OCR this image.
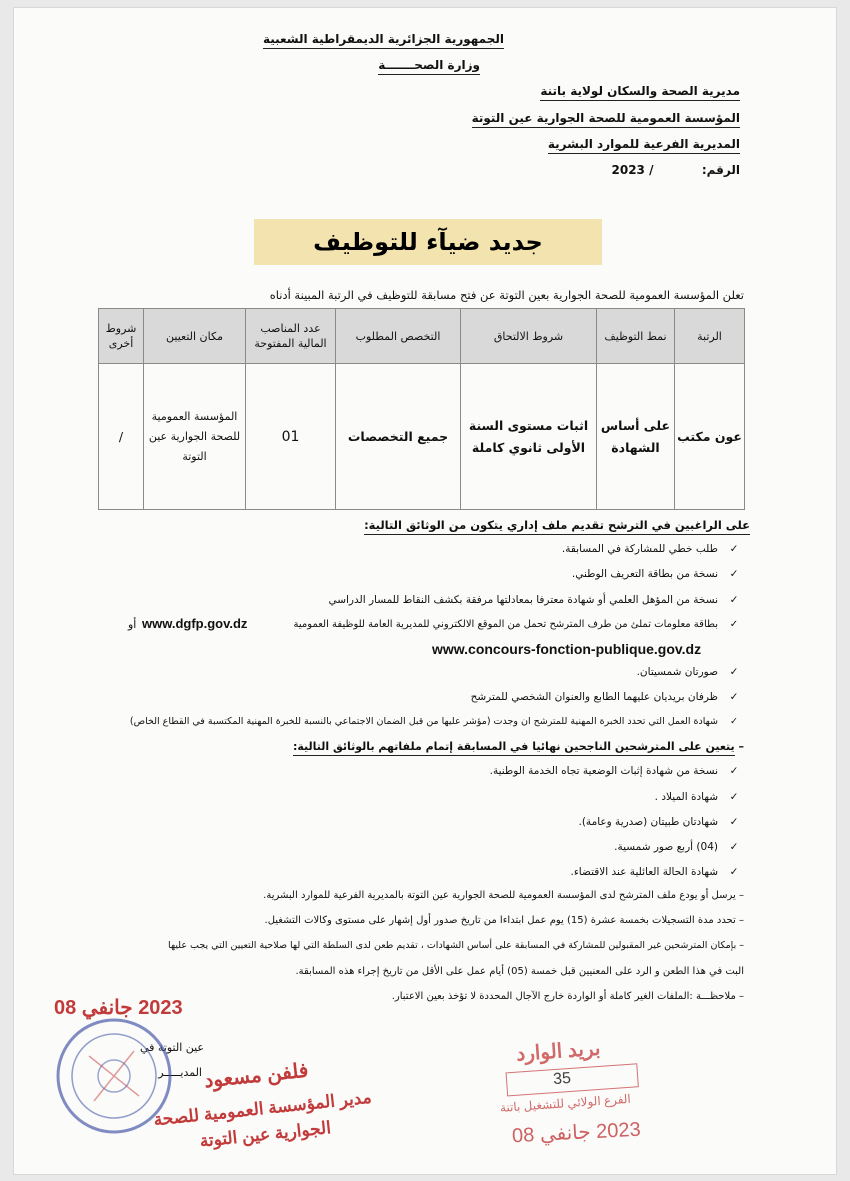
الجمهورية الجزائرية الديمقراطية الشعبية
وزارة الصحـــــــة
مديرية الصحة والسكان لولاية باتنة
المؤسسة العمومية للصحة الجوارية عين التوتة
المديرية الفرعية للموارد البشرية
الرقم:  / 2023
جديد ضيآء للتوظيف
تعلن المؤسسة العمومية للصحة الجوارية بعين التوتة عن فتح مسابقة للتوظيف في الرتبة المبينة أدناه
الرتبة	نمط التوظيف	شروط الالتحاق	التخصص المطلوب	عدد المناصب المالية المفتوحة	مكان التعيين	شروط أخرى
عون مكتب	على أساس الشهادة	اثبات مستوى السنة الأولى ثانوي كاملة	جميع التخصصات	01	المؤسسة العمومية للصحة الجوارية عين التوتة	/
على الراغبين في الترشح تقديم ملف إداري يتكون من الوثائق التالية:
✓طلب خطي للمشاركة في المسابقة.
✓نسخة من بطاقة التعريف الوطني.
✓نسخة من المؤهل العلمي أو شهادة معترفا بمعادلتها مرفقة بكشف النقاط للمسار الدراسي
✓بطاقة معلومات تملئ من طرف المترشح تحمل من الموقع الالكتروني للمديرية العامة للوظيفة العمومية
www.dgfp.gov.dz
أو
www.concours-fonction-publique.gov.dz
✓صورتان شمسيتان.
✓ظرفان بريديان عليهما الطابع والعنوان الشخصي للمترشح
✓شهادة العمل التي تحدد الخبرة المهنية للمترشح ان وجدت (مؤشر عليها من قبل الضمان الاجتماعي بالنسبة للخبرة المهنية المكتسبة في القطاع الخاص)
– يتعين على المترشحين الناجحين نهائيا في المسابقة إتمام ملفاتهم بالوثائق التالية:
✓نسخة من شهادة إثبات الوضعية تجاه الخدمة الوطنية.
✓شهادة الميلاد .
✓شهادتان طبيتان (صدرية وعامة).
✓(04) أربع صور شمسية.
✓شهادة الحالة العائلية عند الاقتضاء.
– يرسل أو يودع ملف المترشح لدى المؤسسة العمومية للصحة الجوارية عين التوتة بالمديرية الفرعية للموارد البشرية.
– تحدد مدة التسجيلات بخمسة عشرة (15) يوم عمل ابتداءا من تاريخ صدور أول إشهار على مستوى وكالات التشغيل.
– بإمكان المترشحين غير المقبولين للمشاركة في المسابقة على أساس الشهادات ، تقديم طعن لدى السلطة التي لها صلاحية التعيين التي يجب عليها
البت في هذا الطعن و الرد على المعنيين قبل خمسة (05) أيام عمل على الأقل من تاريخ إجراء هذه المسابقة.
– ملاحظـــة :الملفات الغير كاملة أو الواردة خارج الآجال المحددة لا تؤخذ بعين الاعتبار.
عين التوتة في
المديـــــر
2023 جانفي 08
فلفن مسعود
مدير المؤسسة العمومية للصحة الجوارية عين التوتة
بريد الوارد
35
الفرع الولائي للتشغيل باتنة
2023 جانفي 08
